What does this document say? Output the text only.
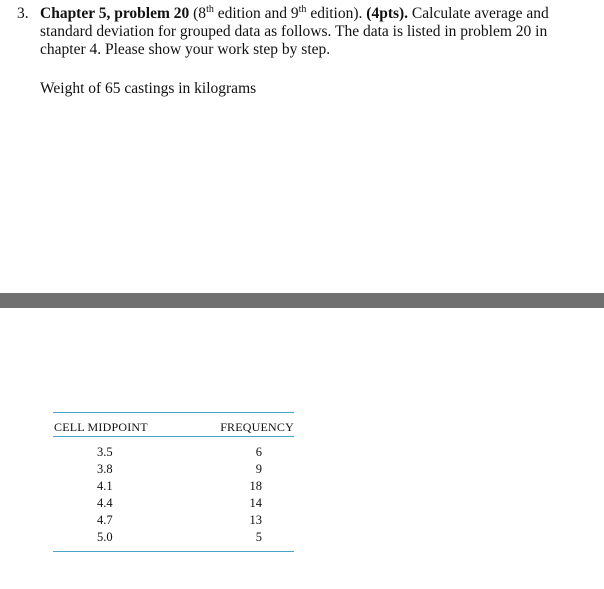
3. Chapter 5, problem 20 (8th edition and 9th edition). (4pts). Calculate average and standard deviation for grouped data as follows. The data is listed in problem 20 in chapter 4. Please show your work step by step.
Weight of 65 castings in kilograms
CELL MIDPOINT	FREQUENCY
3.5	6
3.8	9
4.1	18
4.4	14
4.7	13
5.0	5
